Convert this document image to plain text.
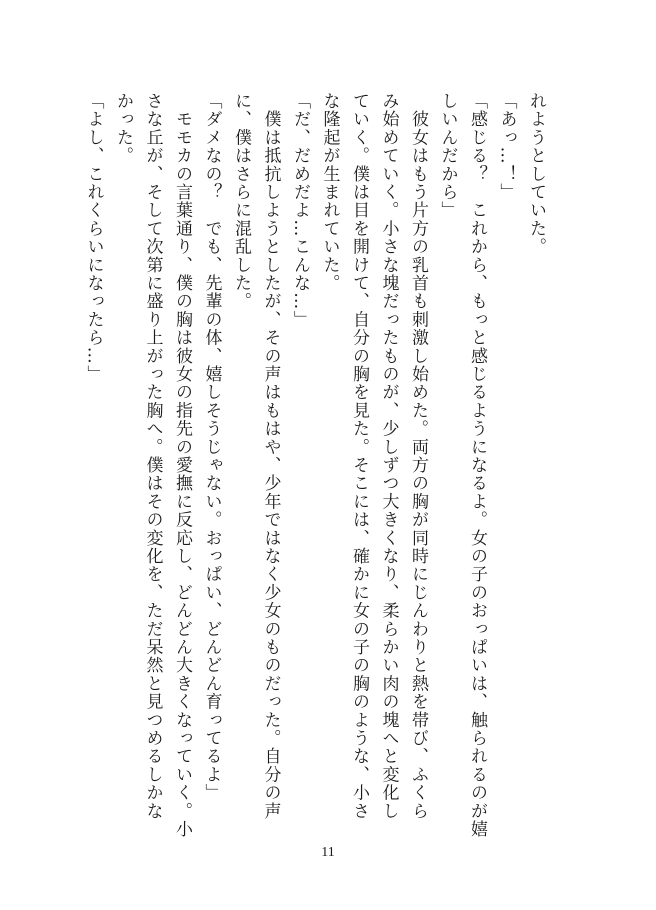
れようとしていた。
「あっ…！」
「感じる？　これから、もっと感じるようになるよ。女の子のおっぱいは、触られるのが嬉
しいんだから」
　彼女はもう片方の乳首も刺激し始めた。両方の胸が同時にじんわりと熱を帯び、ふくら
み始めていく。小さな塊だったものが、少しずつ大きくなり、柔らかい肉の塊へと変化し
ていく。僕は目を開けて、自分の胸を見た。そこには、確かに女の子の胸のような、小さ
な隆起が生まれていた。
「だ、だめだよ…こんな…」
　僕は抵抗しようとしたが、その声はもはや、少年ではなく少女のものだった。自分の声
に、僕はさらに混乱した。
「ダメなの？　でも、先輩の体、嬉しそうじゃない。おっぱい、どんどん育ってるよ」
　モモカの言葉通り、僕の胸は彼女の指先の愛撫に反応し、どんどん大きくなっていく。小
さな丘が、そして次第に盛り上がった胸へ。僕はその変化を、ただ呆然と見つめるしかな
かった。
「よし、これくらいになったら…」
11
